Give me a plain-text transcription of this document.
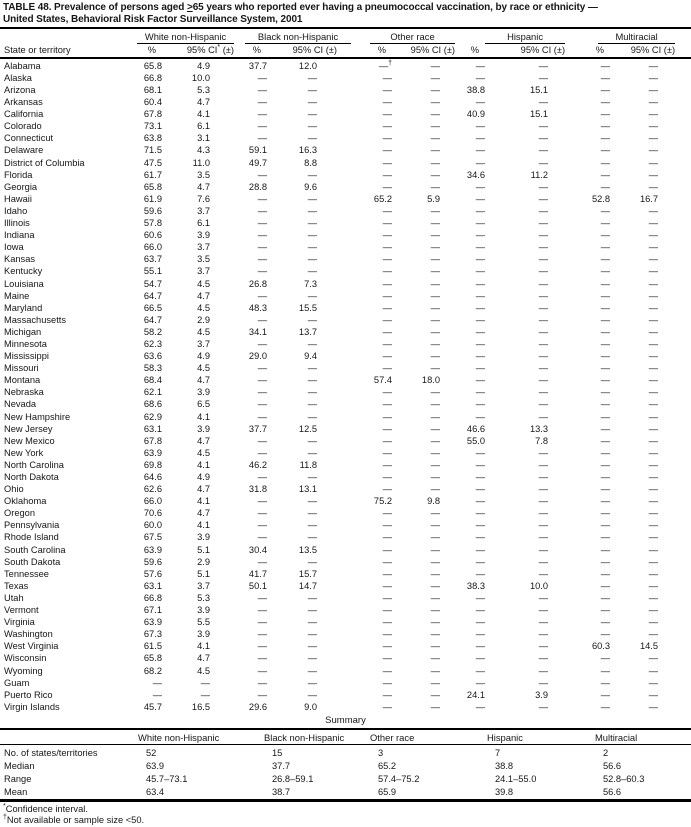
TABLE 48. Prevalence of persons aged ≥65 years who reported ever having a pneumococcal vaccination, by race or ethnicity —
United States, Behavioral Risk Factor Surveillance System, 2001

	White non-Hispanic		Black non-Hispanic		Other race		Hispanic		Multiracial	

State or territory	%	95% CI* (±)	%	95% CI (±)	%	95% CI (±)	%	95% CI (±)	%	95% CI (±)
Alabama	65.8	4.9	37.7	12.0	—†	—	—	—	—	—
Alaska	66.8	10.0	—	—	—	—	—	—	—	—
Arizona	68.1	5.3	—	—	—	—	38.8	15.1	—	—
Arkansas	60.4	4.7	—	—	—	—	—	—	—	—
California	67.8	4.1	—	—	—	—	40.9	15.1	—	—
Colorado	73.1	6.1	—	—	—	—	—	—	—	—
Connecticut	63.8	3.1	—	—	—	—	—	—	—	—
Delaware	71.5	4.3	59.1	16.3	—	—	—	—	—	—
District of Columbia	47.5	11.0	49.7	8.8	—	—	—	—	—	—
Florida	61.7	3.5	—	—	—	—	34.6	11.2	—	—
Georgia	65.8	4.7	28.8	9.6	—	—	—	—	—	—
Hawaii	61.9	7.6	—	—	65.2	5.9	—	—	52.8	16.7
Idaho	59.6	3.7	—	—	—	—	—	—	—	—
Illinois	57.8	6.1	—	—	—	—	—	—	—	—
Indiana	60.6	3.9	—	—	—	—	—	—	—	—
Iowa	66.0	3.7	—	—	—	—	—	—	—	—
Kansas	63.7	3.5	—	—	—	—	—	—	—	—
Kentucky	55.1	3.7	—	—	—	—	—	—	—	—
Louisiana	54.7	4.5	26.8	7.3	—	—	—	—	—	—
Maine	64.7	4.7	—	—	—	—	—	—	—	—
Maryland	66.5	4.5	48.3	15.5	—	—	—	—	—	—
Massachusetts	64.7	2.9	—	—	—	—	—	—	—	—
Michigan	58.2	4.5	34.1	13.7	—	—	—	—	—	—
Minnesota	62.3	3.7	—	—	—	—	—	—	—	—
Mississippi	63.6	4.9	29.0	9.4	—	—	—	—	—	—
Missouri	58.3	4.5	—	—	—	—	—	—	—	—
Montana	68.4	4.7	—	—	57.4	18.0	—	—	—	—
Nebraska	62.1	3.9	—	—	—	—	—	—	—	—
Nevada	68.6	6.5	—	—	—	—	—	—	—	—
New Hampshire	62.9	4.1	—	—	—	—	—	—	—	—
New Jersey	63.1	3.9	37.7	12.5	—	—	46.6	13.3	—	—
New Mexico	67.8	4.7	—	—	—	—	55.0	7.8	—	—
New York	63.9	4.5	—	—	—	—	—	—	—	—
North Carolina	69.8	4.1	46.2	11.8	—	—	—	—	—	—
North Dakota	64.6	4.9	—	—	—	—	—	—	—	—
Ohio	62.6	4.7	31.8	13.1	—	—	—	—	—	—
Oklahoma	66.0	4.1	—	—	75.2	9.8	—	—	—	—
Oregon	70.6	4.7	—	—	—	—	—	—	—	—
Pennsylvania	60.0	4.1	—	—	—	—	—	—	—	—
Rhode Island	67.5	3.9	—	—	—	—	—	—	—	—
South Carolina	63.9	5.1	30.4	13.5	—	—	—	—	—	—
South Dakota	59.6	2.9	—	—	—	—	—	—	—	—
Tennessee	57.6	5.1	41.7	15.7	—	—	—	—	—	—
Texas	63.1	3.7	50.1	14.7	—	—	38.3	10.0	—	—
Utah	66.8	5.3	—	—	—	—	—	—	—	—
Vermont	67.1	3.9	—	—	—	—	—	—	—	—
Virginia	63.9	5.5	—	—	—	—	—	—	—	—
Washington	67.3	3.9	—	—	—	—	—	—	—	—
West Virginia	61.5	4.1	—	—	—	—	—	—	60.3	14.5
Wisconsin	65.8	4.7	—	—	—	—	—	—	—	—
Wyoming	68.2	4.5	—	—	—	—	—	—	—	—
Guam	—	—	—	—	—	—	—	—	—	—
Puerto Rico	—	—	—	—	—	—	24.1	3.9	—	—
Virgin Islands	45.7	16.5	29.6	9.0	—	—	—	—	—	—
Summary
	White non-Hispanic	Black non-Hispanic	Other race	Hispanic	Multiracial
No. of states/territories	52	15	3	7	2
Median	63.9	37.7	65.2	38.8	56.6
Range	45.7–73.1	26.8–59.1	57.4–75.2	24.1–55.0	52.8–60.3
Mean	63.4	38.7	65.9	39.8	56.6
*Confidence interval.
†Not available or sample size <50.
